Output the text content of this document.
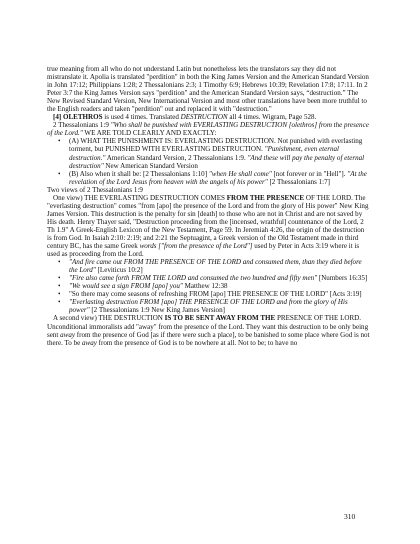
true meaning from all who do not understand Latin but nonetheless lets the translators say they did not mistranslate it. Apolia is translated "perdition" in both the King James Version and the American Standard Version in John 17:12; Philippians 1:28; 2 Thessalonians 2:3; 1 Timothy 6:9; Hebrews 10:39; Revelation 17:8; 17:11. In 2 Peter 3:7 the King James Version says "perdition" and the American Standard Version says, “destruction.” The New Revised Standard Version, New International Version and most other translations have been more truthful to the English readers and taken "perdition" out and replaced it with "destruction."

[4] OLETHROS is used 4 times. Translated DESTRUCTION all 4 times. Wigram, Page 528.

2 Thessalonians 1:9 "Who shall be punished with EVERLASTING DESTRUCTION [olethros] from the presence of the Lord." WE ARE TOLD CLEARLY AND EXACTLY:

• (A) WHAT THE PUNISHMENT IS: EVERLASTING DESTRUCTION. Not punished with everlasting torment, but PUNISHED WITH EVERLASTING DESTRUCTION. "Punishment, even eternal destruction." American Standard Version, 2 Thessalonians 1:9. "And these will pay the penalty of eternal destruction" New American Standard Version
• (B) Also when it shall be: [2 Thessalonians 1:10] "when He shall come" [not forever or in "Hell"]. "At the revelation of the Lord Jesus from heaven with the angels of his power" [2 Thessalonians 1:7]

Two views of 2 Thessalonians 1:9

One view) THE EVERLASTING DESTRUCTION COMES FROM THE PRESENCE OF THE LORD. The "everlasting destruction" comes "from [apo] the presence of the Lord and from the glory of His power" New King James Version. This destruction is the penalty for sin [death] to those who are not in Christ and are not saved by His death. Henry Thayer said, "Destruction proceeding from the [incensed, wrathful] countenance of the Lord, 2 Th 1.9" A Greek-English Lexicon of the New Testament, Page 59. In Jeremiah 4:26, the origin of the destruction is from God. In Isaiah 2:10: 2:19; and 2:21 the Septuagint, a Greek version of the Old Testament made in third century BC, has the same Greek words ["from the presence of the Lord"] used by Peter in Acts 3:19 where it is used as proceeding from the Lord.

• "And fire came out FROM THE PRESENCE OF THE LORD and consumed them, than they died before the Lord" [Leviticus 10:2]
• "Fire also came forth FROM THE LORD and consumed the two hundred and fifty men" [Numbers 16:35]
• "We would see a sign FROM [apo] you" Matthew 12:38
• "So there may come seasons of refreshing FROM [apo] THE PRESENCE OF THE LORD" [Acts 3:19]
• "Everlasting destruction FROM [apo] THE PRESENCE OF THE LORD and from the glory of His power" [2 Thessalonians 1:9 New King James Version]

A second view) THE DESTRUCTION IS TO BE SENT AWAY FROM THE PRESENCE OF THE LORD. Unconditional immoralists add "away" from the presence of the Lord. They want this destruction to be only being sent away from the presence of God [as if there were such a place], to be banished to some place where God is not there. To be away from the presence of God is to be nowhere at all. Not to be; to have no

310
